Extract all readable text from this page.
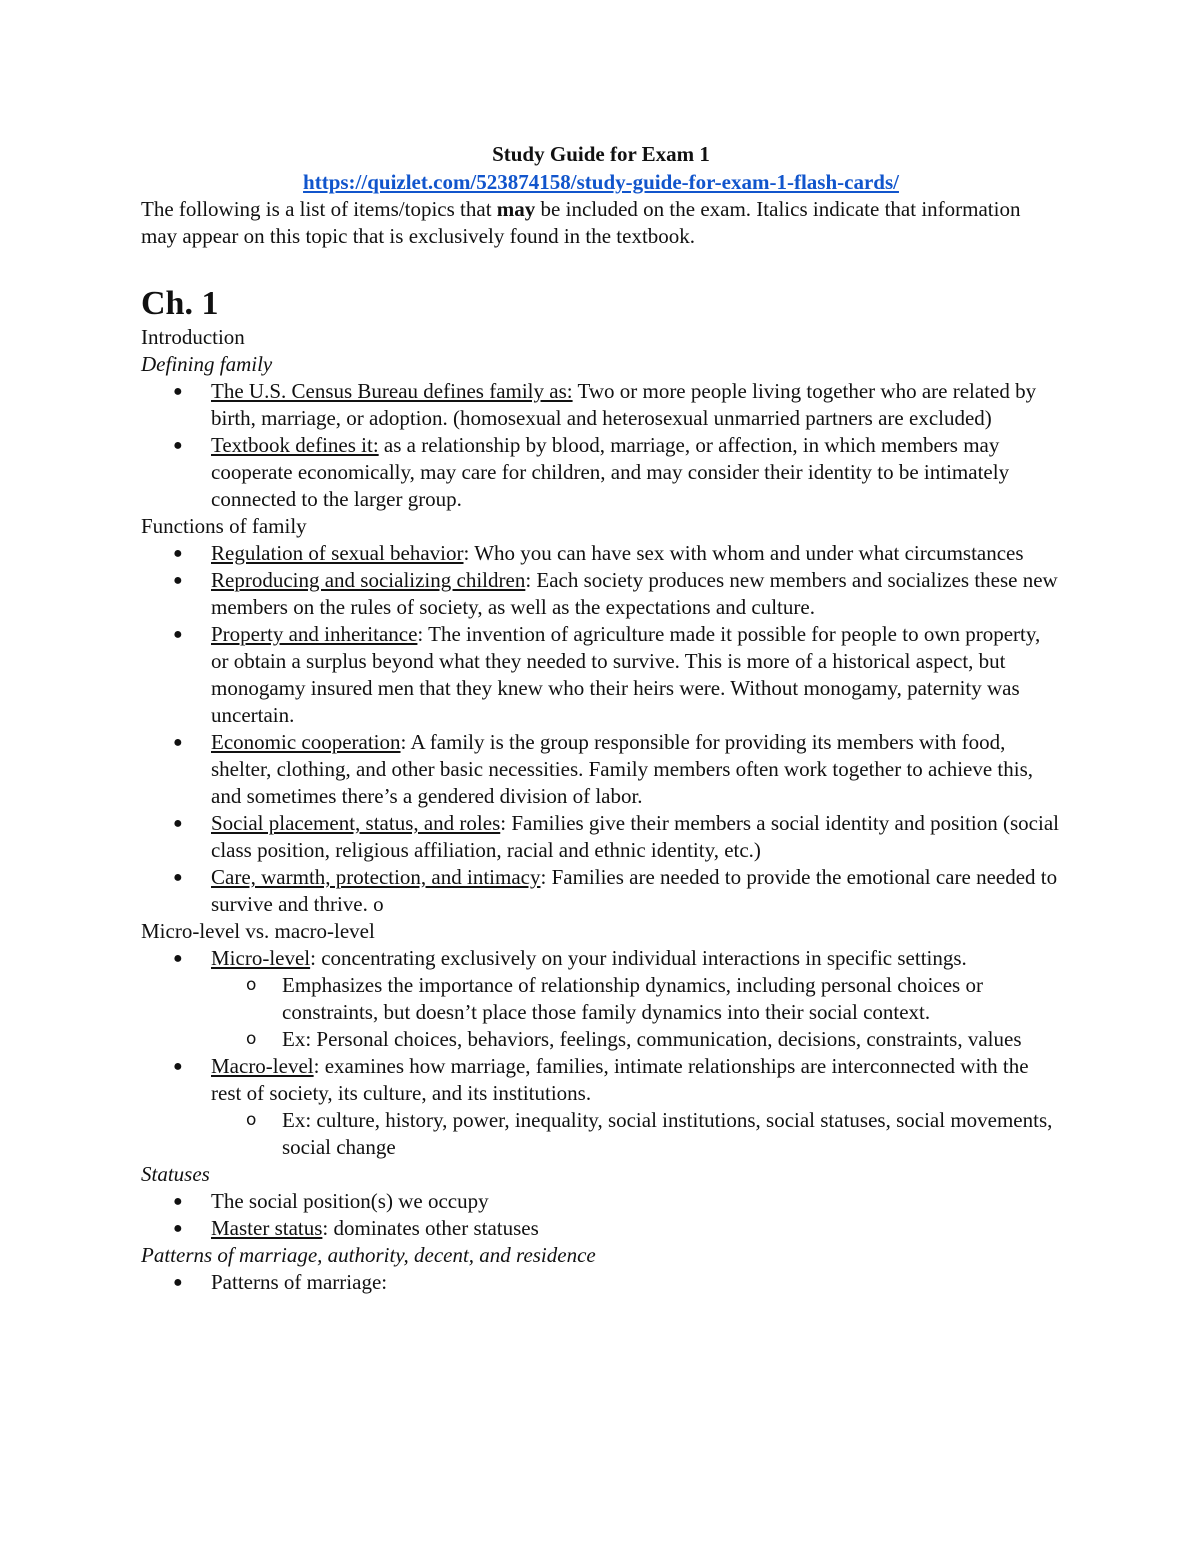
Study Guide for Exam 1

https://quizlet.com/523874158/study-guide-for-exam-1-flash-cards/

The following is a list of items/topics that may be included on the exam. Italics indicate that information may appear on this topic that is exclusively found in the textbook.

Ch. 1

Introduction

Defining family

● The U.S. Census Bureau defines family as: Two or more people living together who are related by birth, marriage, or adoption. (homosexual and heterosexual unmarried partners are excluded)
● Textbook defines it: as a relationship by blood, marriage, or affection, in which members may cooperate economically, may care for children, and may consider their identity to be intimately connected to the larger group.

Functions of family

● Regulation of sexual behavior: Who you can have sex with whom and under what circumstances
● Reproducing and socializing children: Each society produces new members and socializes these new members on the rules of society, as well as the expectations and culture.
● Property and inheritance: The invention of agriculture made it possible for people to own property, or obtain a surplus beyond what they needed to survive. This is more of a historical aspect, but monogamy insured men that they knew who their heirs were. Without monogamy, paternity was uncertain.
● Economic cooperation: A family is the group responsible for providing its members with food, shelter, clothing, and other basic necessities. Family members often work together to achieve this, and sometimes there’s a gendered division of labor.
● Social placement, status, and roles: Families give their members a social identity and position (social class position, religious affiliation, racial and ethnic identity, etc.)
● Care, warmth, protection, and intimacy: Families are needed to provide the emotional care needed to survive and thrive. o

Micro-level vs. macro-level

● Micro-level: concentrating exclusively on your individual interactions in specific settings.
o Emphasizes the importance of relationship dynamics, including personal choices or constraints, but doesn’t place those family dynamics into their social context.
o Ex: Personal choices, behaviors, feelings, communication, decisions, constraints, values
● Macro-level: examines how marriage, families, intimate relationships are interconnected with the rest of society, its culture, and its institutions.
o Ex: culture, history, power, inequality, social institutions, social statuses, social movements, social change

Statuses

● The social position(s) we occupy
● Master status: dominates other statuses

Patterns of marriage, authority, decent, and residence

● Patterns of marriage:
